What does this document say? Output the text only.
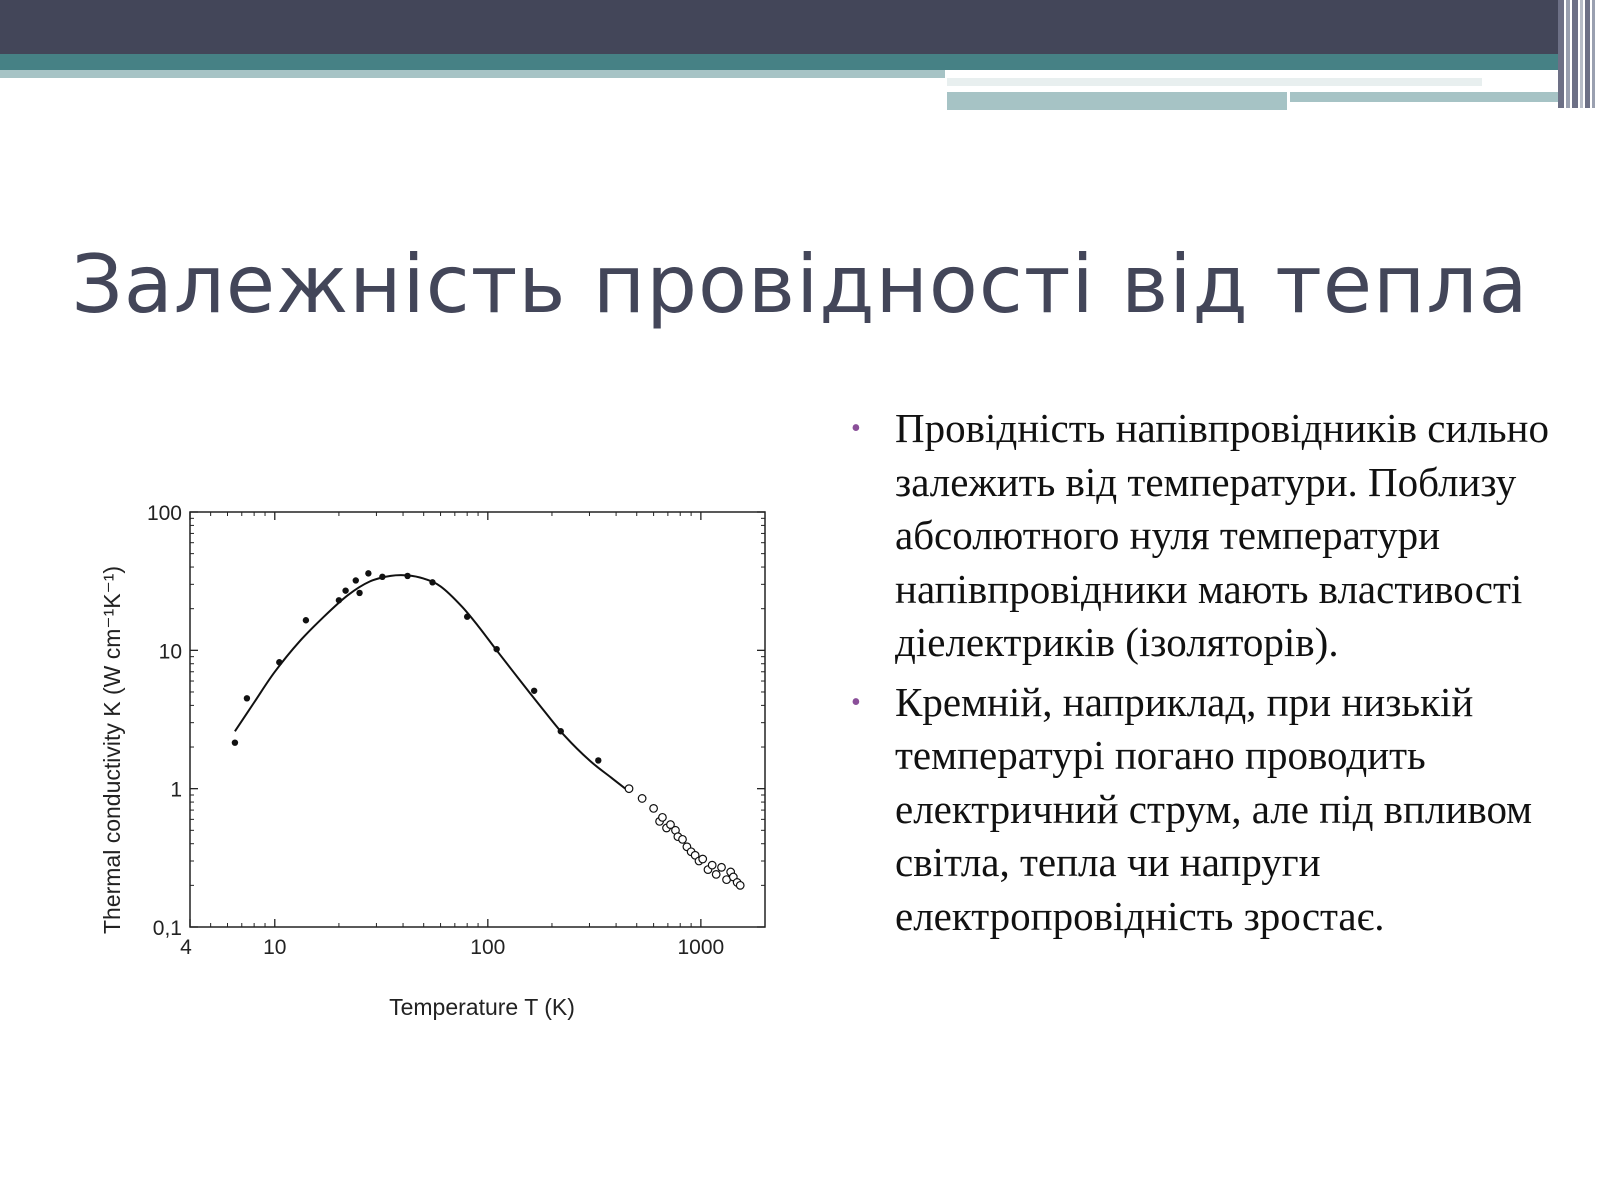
Залежність провідності від тепла
4	10	100	1000
0,1
1
10
100
Temperature T (K)
Thermal conductivity K (W cm⁻¹K⁻¹)
• Провідність напівпровідників сильно залежить від температури. Поблизу абсолютного нуля температури напівпровідники мають властивості діелектриків (ізоляторів).
• Кремній, наприклад, при низькій температурі погано проводить електричний струм, але під впливом світла, тепла чи напруги електропровідність зростає.
